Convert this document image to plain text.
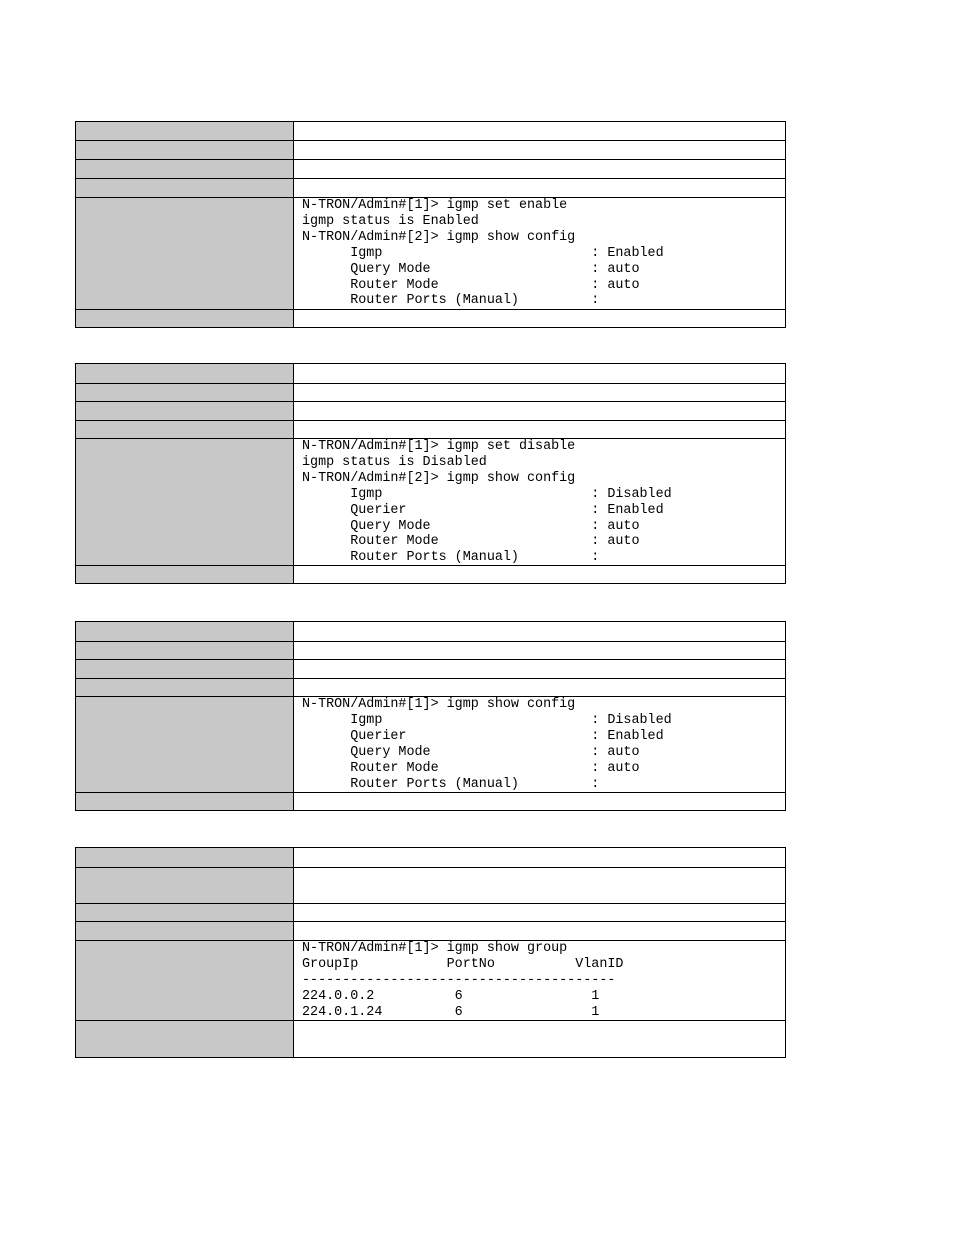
N-TRON/Admin#[1]> igmp set enable
igmp status is Enabled
N-TRON/Admin#[2]> igmp show config
Igmp                          : Enabled
Query Mode                    : auto
Router Mode                   : auto
Router Ports (Manual)         :
N-TRON/Admin#[1]> igmp set disable
igmp status is Disabled
N-TRON/Admin#[2]> igmp show config
Igmp                          : Disabled
Querier                       : Enabled
Query Mode                    : auto
Router Mode                   : auto
Router Ports (Manual)         :
N-TRON/Admin#[1]> igmp show config
Igmp                          : Disabled
Querier                       : Enabled
Query Mode                    : auto
Router Mode                   : auto
Router Ports (Manual)         :
N-TRON/Admin#[1]> igmp show group
GroupIp           PortNo          VlanID
---------------------------------------
224.0.0.2          6                1
224.0.1.24         6                1
